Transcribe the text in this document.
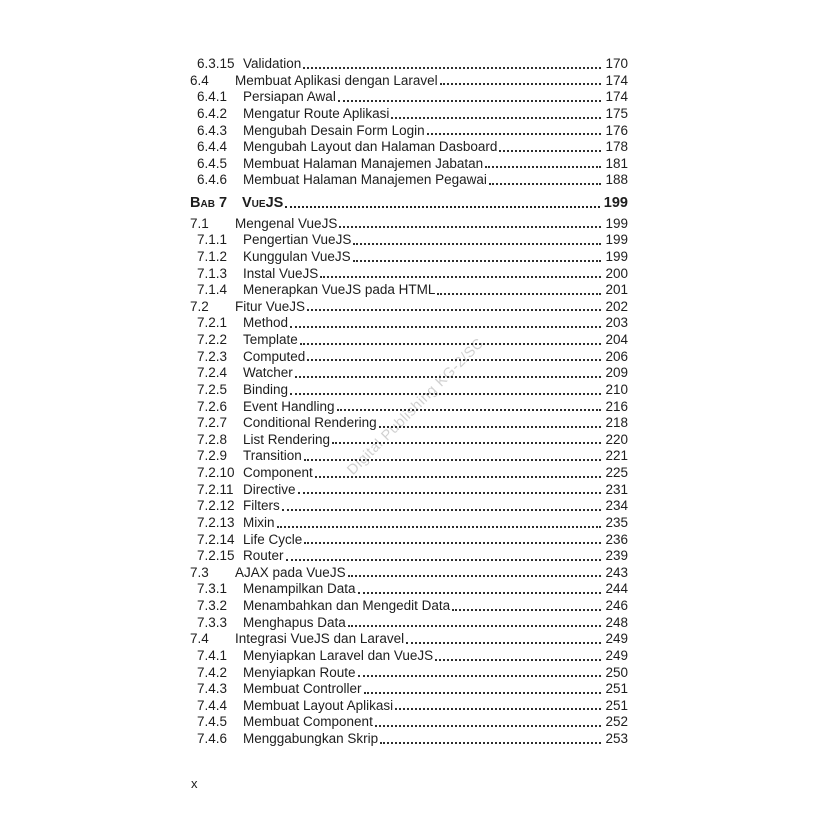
Digital Publishing KG-2/SC
6.3.15 Validation	170
6.4	Membuat Aplikasi dengan Laravel	174
6.4.1	Persiapan Awal	174
6.4.2	Mengatur Route Aplikasi	175
6.4.3	Mengubah Desain Form Login	176
6.4.4	Mengubah Layout dan Halaman Dasboard	178
6.4.5	Membuat Halaman Manajemen Jabatan	181
6.4.6	Membuat Halaman Manajemen Pegawai	188
Bab 7	VueJS	199
7.1	Mengenal VueJS	199
7.1.1	Pengertian VueJS	199
7.1.2	Kunggulan VueJS	199
7.1.3	Instal VueJS	200
7.1.4	Menerapkan VueJS pada HTML	201
7.2	Fitur VueJS	202
7.2.1	Method	203
7.2.2	Template	204
7.2.3	Computed	206
7.2.4	Watcher	209
7.2.5	Binding	210
7.2.6	Event Handling	216
7.2.7	Conditional Rendering	218
7.2.8	List Rendering	220
7.2.9	Transition	221
7.2.10 Component	225
7.2.11 Directive	231
7.2.12 Filters	234
7.2.13 Mixin	235
7.2.14 Life Cycle	236
7.2.15 Router	239
7.3	AJAX pada VueJS	243
7.3.1	Menampilkan Data	244
7.3.2	Menambahkan dan Mengedit Data	246
7.3.3	Menghapus Data	248
7.4	Integrasi VueJS dan Laravel	249
7.4.1	Menyiapkan Laravel dan VueJS	249
7.4.2	Menyiapkan Route	250
7.4.3	Membuat Controller	251
7.4.4	Membuat Layout Aplikasi	251
7.4.5	Membuat Component	252
7.4.6	Menggabungkan Skrip	253
x
